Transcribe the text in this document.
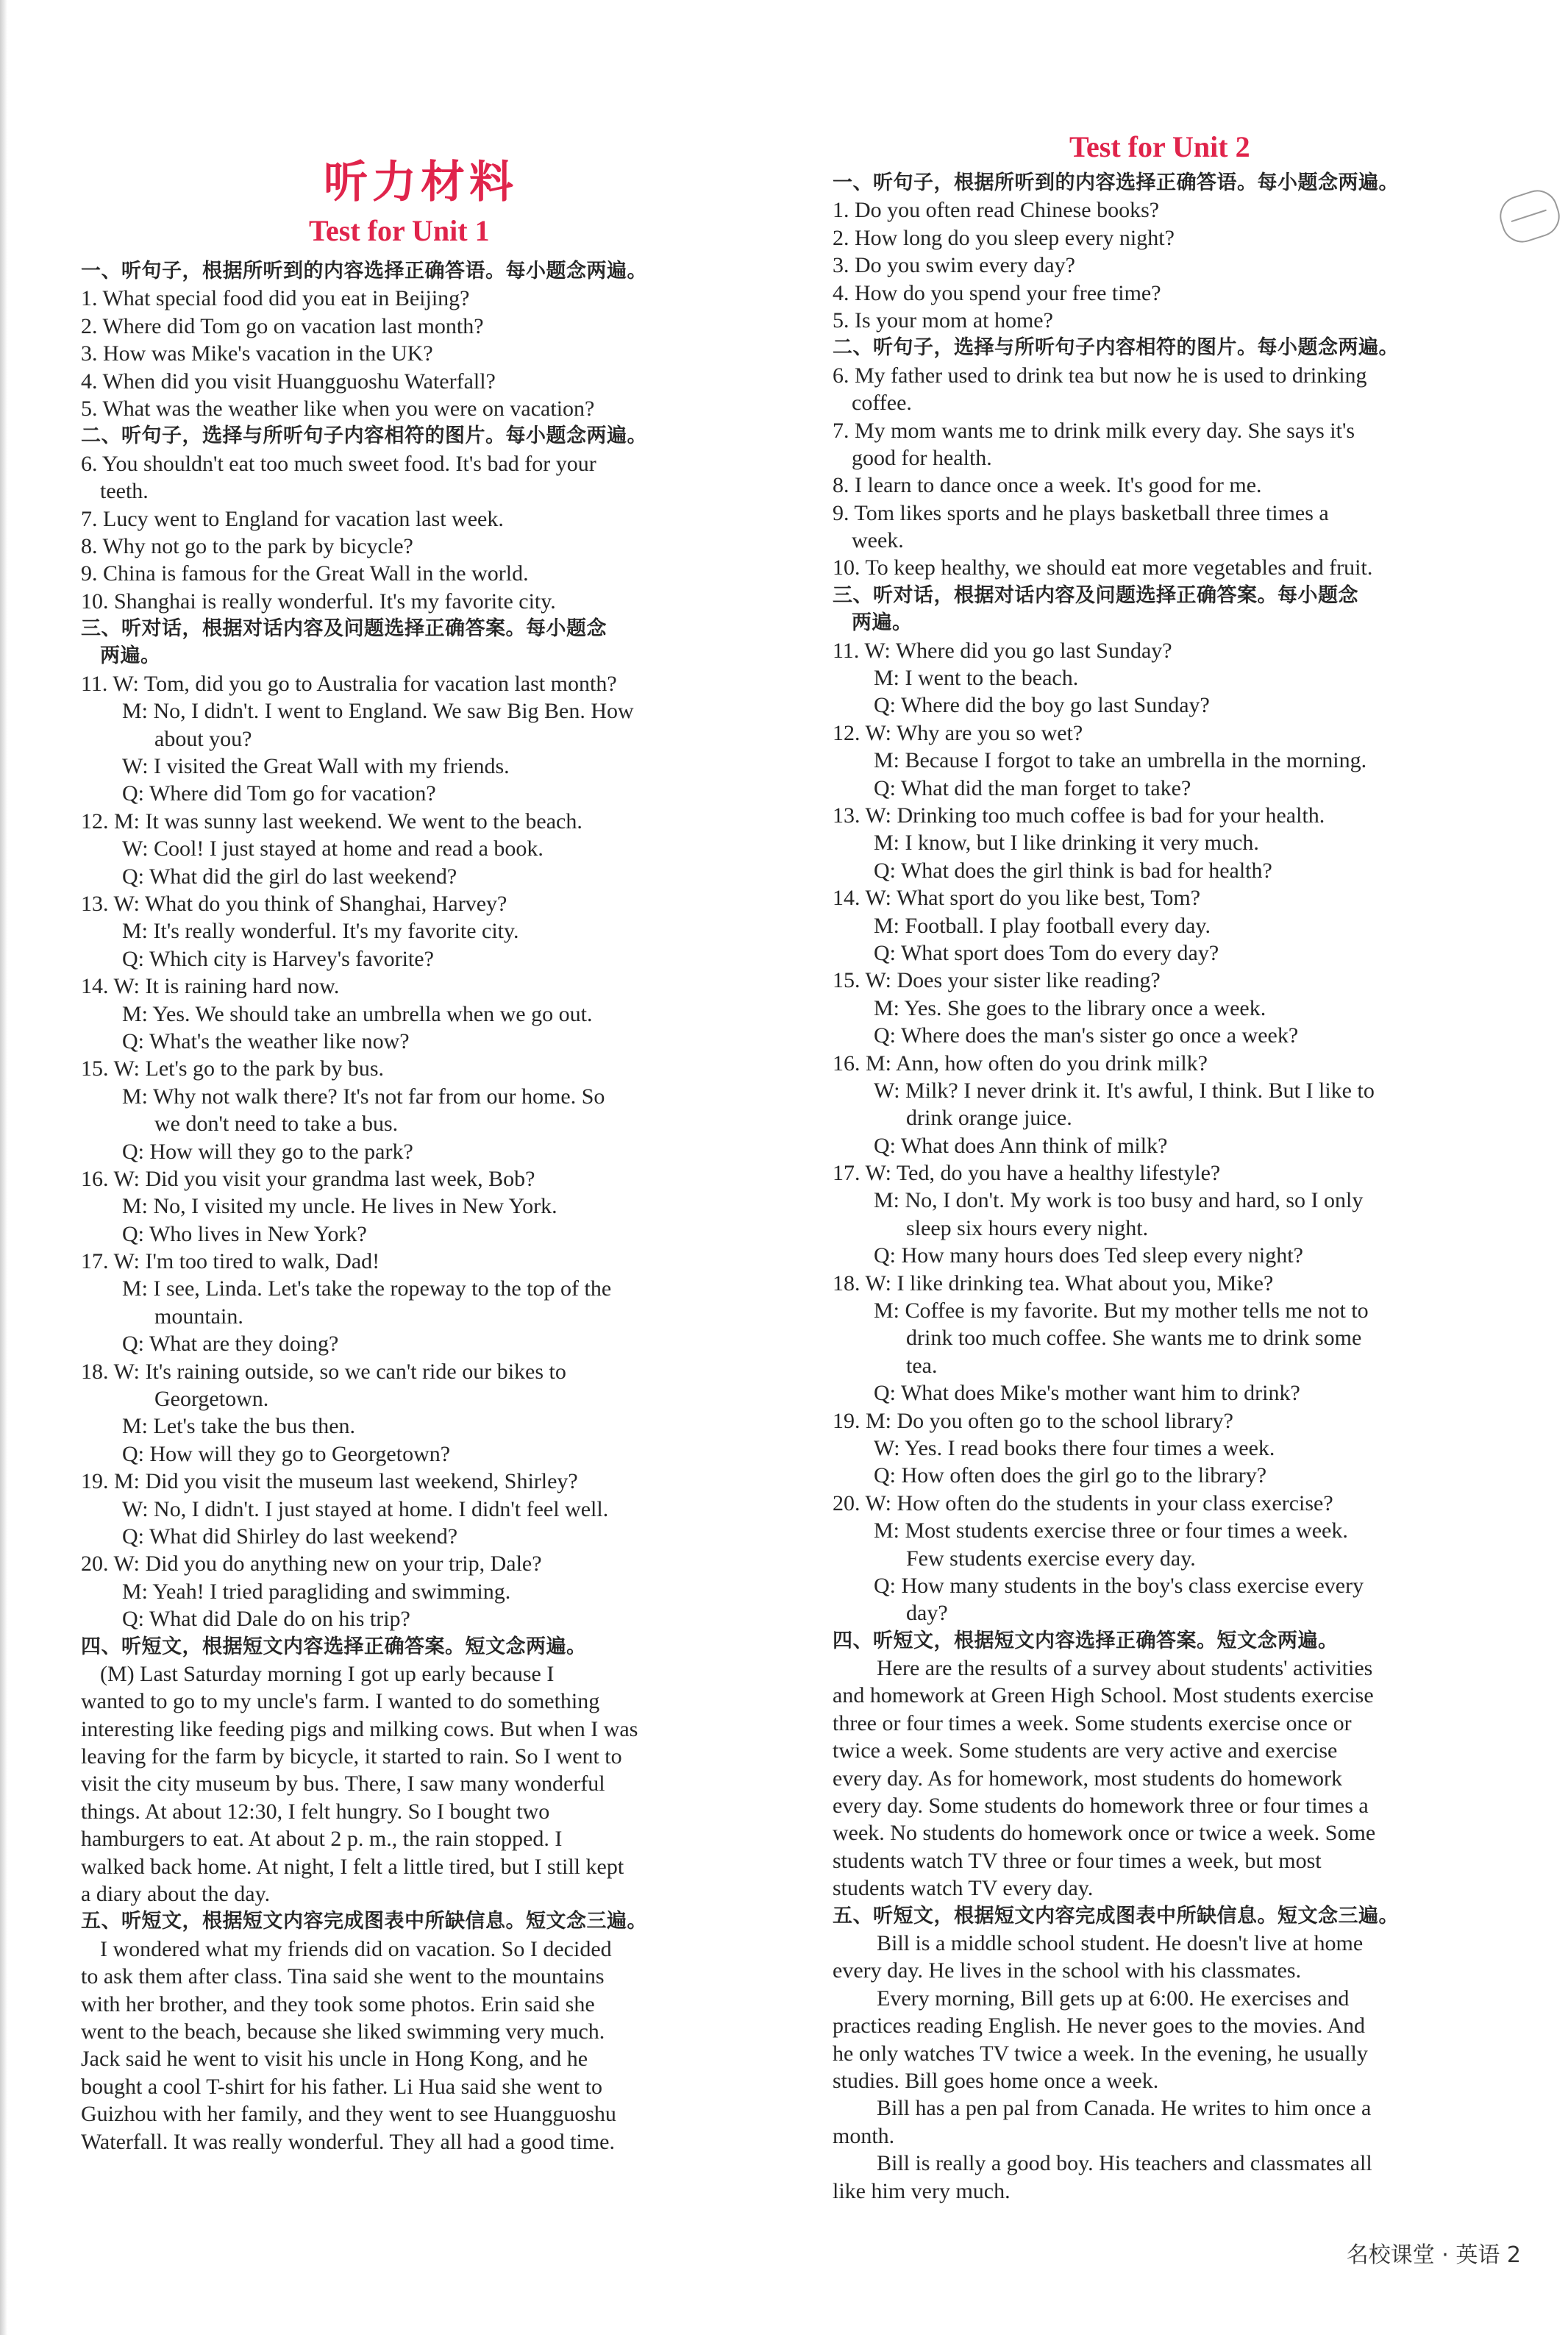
听力材料
Test for Unit 1
一、听句子，根据所听到的内容选择正确答语。每小题念两遍。
1. What special food did you eat in Beijing?
2. Where did Tom go on vacation last month?
3. How was Mike's vacation in the UK?
4. When did you visit Huangguoshu Waterfall?
5. What was the weather like when you were on vacation?
二、听句子，选择与所听句子内容相符的图片。每小题念两遍。
6. You shouldn't eat too much sweet food. It's bad for your
teeth.
7. Lucy went to England for vacation last week.
8. Why not go to the park by bicycle?
9. China is famous for the Great Wall in the world.
10. Shanghai is really wonderful. It's my favorite city.
三、听对话，根据对话内容及问题选择正确答案。每小题念
两遍。
11. W: Tom, did you go to Australia for vacation last month?
M: No, I didn't. I went to England. We saw Big Ben. How
about you?
W: I visited the Great Wall with my friends.
Q: Where did Tom go for vacation?
12. M: It was sunny last weekend. We went to the beach.
W: Cool! I just stayed at home and read a book.
Q: What did the girl do last weekend?
13. W: What do you think of Shanghai, Harvey?
M: It's really wonderful. It's my favorite city.
Q: Which city is Harvey's favorite?
14. W: It is raining hard now.
M: Yes. We should take an umbrella when we go out.
Q: What's the weather like now?
15. W: Let's go to the park by bus.
M: Why not walk there? It's not far from our home. So
we don't need to take a bus.
Q: How will they go to the park?
16. W: Did you visit your grandma last week, Bob?
M: No, I visited my uncle. He lives in New York.
Q: Who lives in New York?
17. W: I'm too tired to walk, Dad!
M: I see, Linda. Let's take the ropeway to the top of the
mountain.
Q: What are they doing?
18. W: It's raining outside, so we can't ride our bikes to
Georgetown.
M: Let's take the bus then.
Q: How will they go to Georgetown?
19. M: Did you visit the museum last weekend, Shirley?
W: No, I didn't. I just stayed at home. I didn't feel well.
Q: What did Shirley do last weekend?
20. W: Did you do anything new on your trip, Dale?
M: Yeah! I tried paragliding and swimming.
Q: What did Dale do on his trip?
四、听短文，根据短文内容选择正确答案。短文念两遍。
(M) Last Saturday morning I got up early because I
wanted to go to my uncle's farm. I wanted to do something
interesting like feeding pigs and milking cows. But when I was
leaving for the farm by bicycle, it started to rain. So I went to
visit the city museum by bus. There, I saw many wonderful
things. At about 12:30, I felt hungry. So I bought two
hamburgers to eat. At about 2 p. m., the rain stopped. I
walked back home. At night, I felt a little tired, but I still kept
a diary about the day.
五、听短文，根据短文内容完成图表中所缺信息。短文念三遍。
I wondered what my friends did on vacation. So I decided
to ask them after class. Tina said she went to the mountains
with her brother, and they took some photos. Erin said she
went to the beach, because she liked swimming very much.
Jack said he went to visit his uncle in Hong Kong, and he
bought a cool T-shirt for his father. Li Hua said she went to
Guizhou with her family, and they went to see Huangguoshu
Waterfall. It was really wonderful. They all had a good time.
Test for Unit 2
一、听句子，根据所听到的内容选择正确答语。每小题念两遍。
1. Do you often read Chinese books?
2. How long do you sleep every night?
3. Do you swim every day?
4. How do you spend your free time?
5. Is your mom at home?
二、听句子，选择与所听句子内容相符的图片。每小题念两遍。
6. My father used to drink tea but now he is used to drinking
coffee.
7. My mom wants me to drink milk every day. She says it's
good for health.
8. I learn to dance once a week. It's good for me.
9. Tom likes sports and he plays basketball three times a
week.
10. To keep healthy, we should eat more vegetables and fruit.
三、听对话，根据对话内容及问题选择正确答案。每小题念
两遍。
11. W: Where did you go last Sunday?
M: I went to the beach.
Q: Where did the boy go last Sunday?
12. W: Why are you so wet?
M: Because I forgot to take an umbrella in the morning.
Q: What did the man forget to take?
13. W: Drinking too much coffee is bad for your health.
M: I know, but I like drinking it very much.
Q: What does the girl think is bad for health?
14. W: What sport do you like best, Tom?
M: Football. I play football every day.
Q: What sport does Tom do every day?
15. W: Does your sister like reading?
M: Yes. She goes to the library once a week.
Q: Where does the man's sister go once a week?
16. M: Ann, how often do you drink milk?
W: Milk? I never drink it. It's awful, I think. But I like to
drink orange juice.
Q: What does Ann think of milk?
17. W: Ted, do you have a healthy lifestyle?
M: No, I don't. My work is too busy and hard, so I only
sleep six hours every night.
Q: How many hours does Ted sleep every night?
18. W: I like drinking tea. What about you, Mike?
M: Coffee is my favorite. But my mother tells me not to
drink too much coffee. She wants me to drink some
tea.
Q: What does Mike's mother want him to drink?
19. M: Do you often go to the school library?
W: Yes. I read books there four times a week.
Q: How often does the girl go to the library?
20. W: How often do the students in your class exercise?
M: Most students exercise three or four times a week.
Few students exercise every day.
Q: How many students in the boy's class exercise every
day?
四、听短文，根据短文内容选择正确答案。短文念两遍。
Here are the results of a survey about students' activities
and homework at Green High School. Most students exercise
three or four times a week. Some students exercise once or
twice a week. Some students are very active and exercise
every day. As for homework, most students do homework
every day. Some students do homework three or four times a
week. No students do homework once or twice a week. Some
students watch TV three or four times a week, but most
students watch TV every day.
五、听短文，根据短文内容完成图表中所缺信息。短文念三遍。
Bill is a middle school student. He doesn't live at home
every day. He lives in the school with his classmates.
Every morning, Bill gets up at 6:00. He exercises and
practices reading English. He never goes to the movies. And
he only watches TV twice a week. In the evening, he usually
studies. Bill goes home once a week.
Bill has a pen pal from Canada. He writes to him once a
month.
Bill is really a good boy. His teachers and classmates all
like him very much.
名校课堂 · 英语 2
